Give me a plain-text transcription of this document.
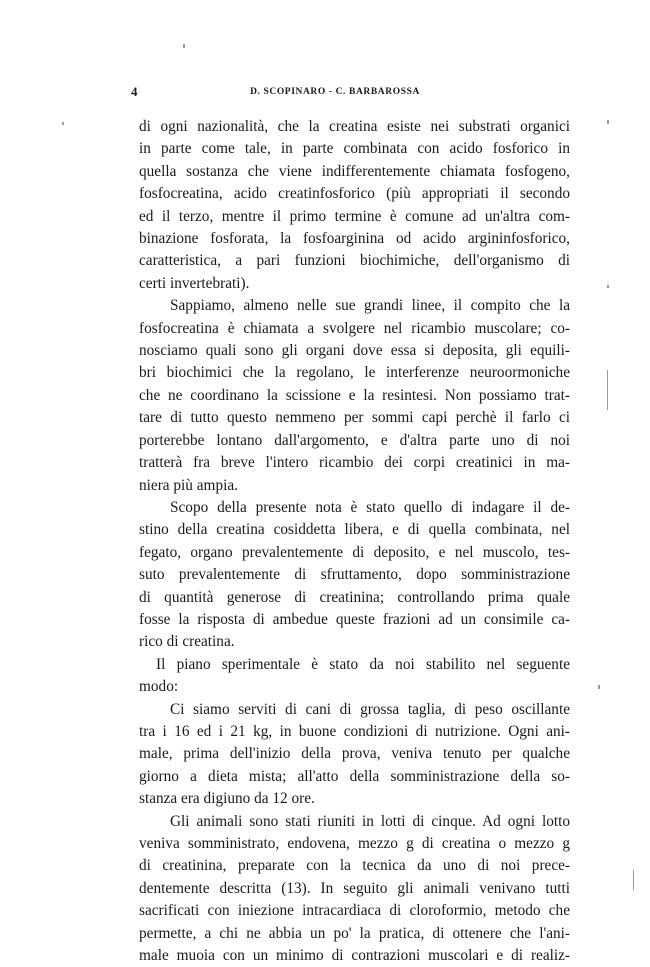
4	D. SCOPINARO - C. BARBAROSSA
di ogni nazionalità, che la creatina esiste nei substrati organici
in parte come tale, in parte combinata con acido fosforico in
quella sostanza che viene indifferentemente chiamata fosfogeno,
fosfocreatina, acido creatinfosforico (più appropriati il secondo
ed il terzo, mentre il primo termine è comune ad un'altra com-
binazione fosforata, la fosfoarginina od acido argininfosforico,
caratteristica, a pari funzioni biochimiche, dell'organismo di
certi invertebrati).
Sappiamo, almeno nelle sue grandi linee, il compito che la
fosfocreatina è chiamata a svolgere nel ricambio muscolare; co-
nosciamo quali sono gli organi dove essa si deposita, gli equili-
bri biochimici che la regolano, le interferenze neuroormoniche
che ne coordinano la scissione e la resintesi. Non possiamo trat-
tare di tutto questo nemmeno per sommi capi perchè il farlo ci
porterebbe lontano dall'argomento, e d'altra parte uno di noi
tratterà fra breve l'intero ricambio dei corpi creatinici in ma-
niera più ampia.
Scopo della presente nota è stato quello di indagare il de-
stino della creatina cosiddetta libera, e di quella combinata, nel
fegato, organo prevalentemente di deposito, e nel muscolo, tes-
suto prevalentemente di sfruttamento, dopo somministrazione
di quantità generose di creatinina; controllando prima quale
fosse la risposta di ambedue queste frazioni ad un consimile ca-
rico di creatina.
Il piano sperimentale è stato da noi stabilito nel seguente
modo:
Ci siamo serviti di cani di grossa taglia, di peso oscillante
tra i 16 ed i 21 kg, in buone condizioni di nutrizione. Ogni ani-
male, prima dell'inizio della prova, veniva tenuto per qualche
giorno a dieta mista; all'atto della somministrazione della so-
stanza era digiuno da 12 ore.
Gli animali sono stati riuniti in lotti di cinque. Ad ogni lotto
veniva somministrato, endovena, mezzo g di creatina o mezzo g
di creatinina, preparate con la tecnica da uno di noi prece-
dentemente descritta (13). In seguito gli animali venivano tutti
sacrificati con iniezione intracardiaca di cloroformio, metodo che
permette, a chi ne abbia un po' la pratica, di ottenere che l'ani-
male muoia con un minimo di contrazioni muscolari e di realiz-
